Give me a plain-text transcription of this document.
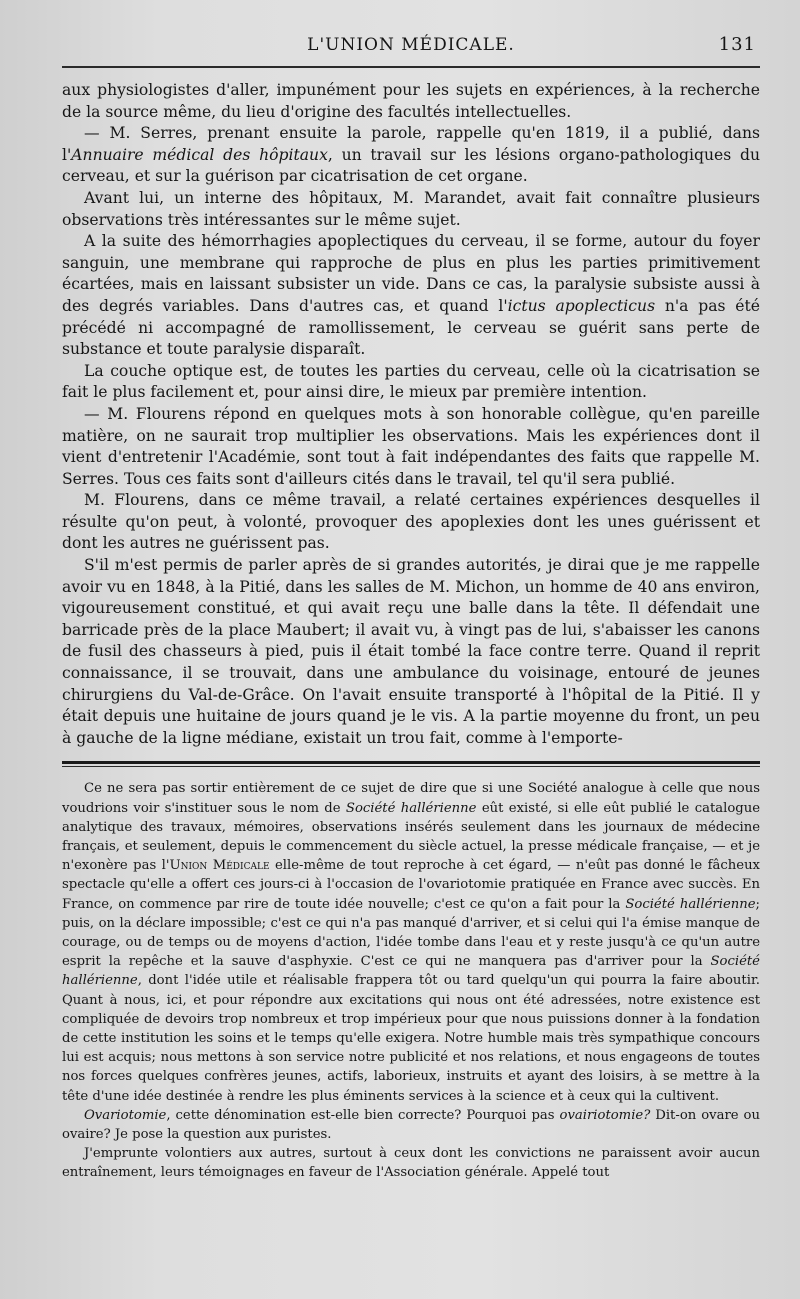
L'UNION MÉDICALE.	131

aux physiologistes d'aller, impunément pour les sujets en expériences, à la recherche de la source même, du lieu d'origine des facultés intellectuelles.

— M. Serres, prenant ensuite la parole, rappelle qu'en 1819, il a publié, dans l'Annuaire médical des hôpitaux, un travail sur les lésions organo-pathologiques du cerveau, et sur la guérison par cicatrisation de cet organe.

Avant lui, un interne des hôpitaux, M. Marandet, avait fait connaître plusieurs observations très intéressantes sur le même sujet.

A la suite des hémorrhagies apoplectiques du cerveau, il se forme, autour du foyer sanguin, une membrane qui rapproche de plus en plus les parties primitivement écartées, mais en laissant subsister un vide. Dans ce cas, la paralysie subsiste aussi à des degrés variables. Dans d'autres cas, et quand l'ictus apoplecticus n'a pas été précédé ni accompagné de ramollissement, le cerveau se guérit sans perte de substance et toute paralysie disparaît.

La couche optique est, de toutes les parties du cerveau, celle où la cicatrisation se fait le plus facilement et, pour ainsi dire, le mieux par première intention.

— M. Flourens répond en quelques mots à son honorable collègue, qu'en pareille matière, on ne saurait trop multiplier les observations. Mais les expériences dont il vient d'entretenir l'Académie, sont tout à fait indépendantes des faits que rappelle M. Serres. Tous ces faits sont d'ailleurs cités dans le travail, tel qu'il sera publié.

M. Flourens, dans ce même travail, a relaté certaines expériences desquelles il résulte qu'on peut, à volonté, provoquer des apoplexies dont les unes guérissent et dont les autres ne guérissent pas.

S'il m'est permis de parler après de si grandes autorités, je dirai que je me rappelle avoir vu en 1848, à la Pitié, dans les salles de M. Michon, un homme de 40 ans environ, vigoureusement constitué, et qui avait reçu une balle dans la tête. Il défendait une barricade près de la place Maubert; il avait vu, à vingt pas de lui, s'abaisser les canons de fusil des chasseurs à pied, puis il était tombé la face contre terre. Quand il reprit connaissance, il se trouvait, dans une ambulance du voisinage, entouré de jeunes chirurgiens du Val-de-Grâce. On l'avait ensuite transporté à l'hôpital de la Pitié. Il y était depuis une huitaine de jours quand je le vis. A la partie moyenne du front, un peu à gauche de la ligne médiane, existait un trou fait, comme à l'emporte-

Ce ne sera pas sortir entièrement de ce sujet de dire que si une Société analogue à celle que nous voudrions voir s'instituer sous le nom de Société hallérienne eût existé, si elle eût publié le catalogue analytique des travaux, mémoires, observations insérés seulement dans les journaux de médecine français, et seulement, depuis le commencement du siècle actuel, la presse médicale française, — et je n'exonère pas l'Union Médicale elle-même de tout reproche à cet égard, — n'eût pas donné le fâcheux spectacle qu'elle a offert ces jours-ci à l'occasion de l'ovariotomie pratiquée en France avec succès. En France, on commence par rire de toute idée nouvelle; c'est ce qu'on a fait pour la Société hallérienne; puis, on la déclare impossible; c'est ce qui n'a pas manqué d'arriver, et si celui qui l'a émise manque de courage, ou de temps ou de moyens d'action, l'idée tombe dans l'eau et y reste jusqu'à ce qu'un autre esprit la repêche et la sauve d'asphyxie. C'est ce qui ne manquera pas d'arriver pour la Société hallérienne, dont l'idée utile et réalisable frappera tôt ou tard quelqu'un qui pourra la faire aboutir. Quant à nous, ici, et pour répondre aux excitations qui nous ont été adressées, notre existence est compliquée de devoirs trop nombreux et trop impérieux pour que nous puissions donner à la fondation de cette institution les soins et le temps qu'elle exigera. Notre humble mais très sympathique concours lui est acquis; nous mettons à son service notre publicité et nos relations, et nous engageons de toutes nos forces quelques confrères jeunes, actifs, laborieux, instruits et ayant des loisirs, à se mettre à la tête d'une idée destinée à rendre les plus éminents services à la science et à ceux qui la cultivent.

Ovariotomie, cette dénomination est-elle bien correcte? Pourquoi pas ovairiotomie? Dit-on ovare ou ovaire? Je pose la question aux puristes.

J'emprunte volontiers aux autres, surtout à ceux dont les convictions ne paraissent avoir aucun entraînement, leurs témoignages en faveur de l'Association générale. Appelé tout
